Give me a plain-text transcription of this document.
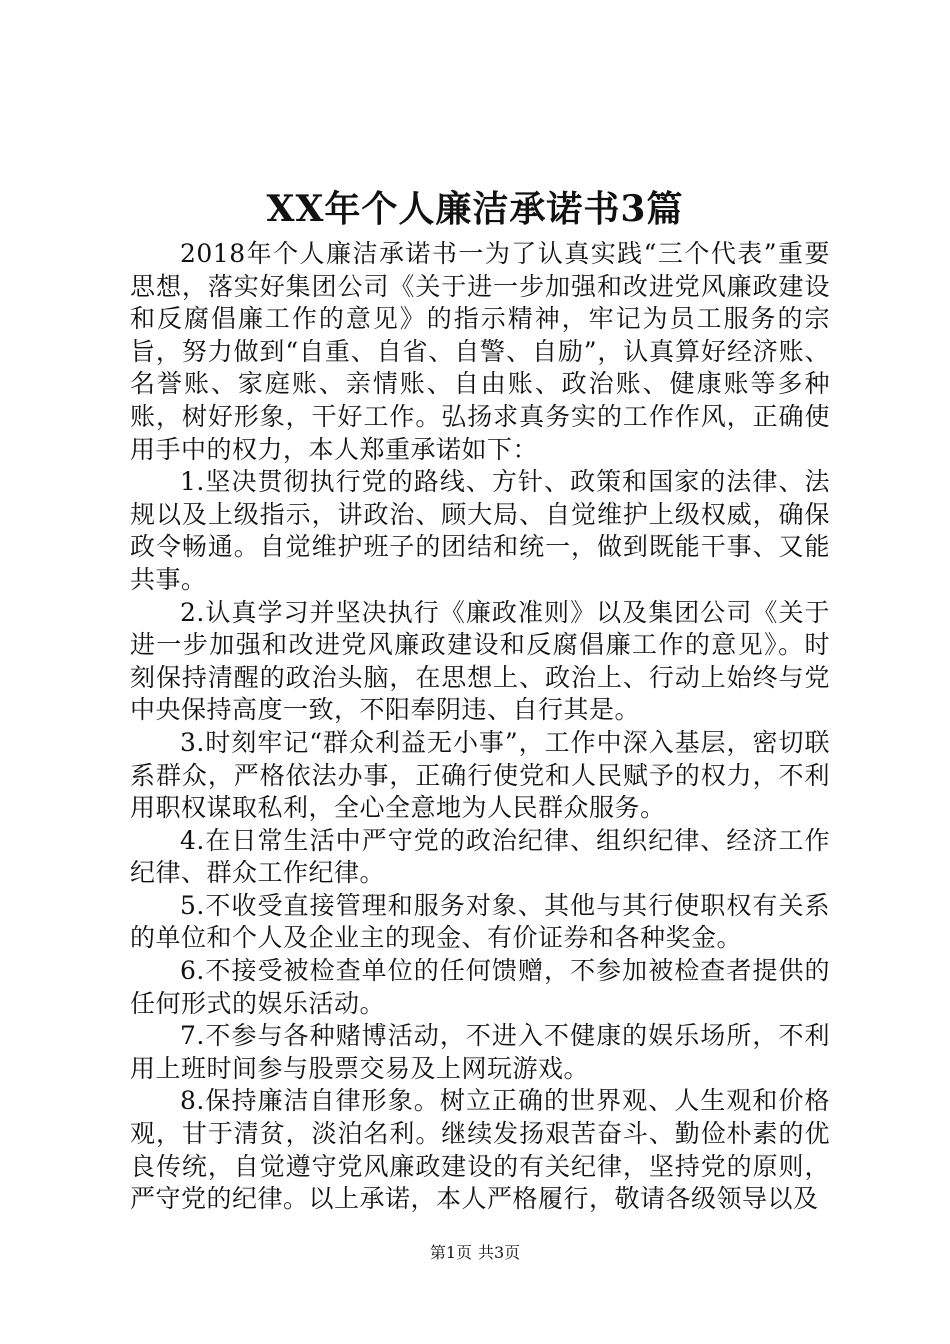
XX年个人廉洁承诺书3篇

2018年个人廉洁承诺书一为了认真实践“三个代表”重要思想，落实好集团公司《关于进一步加强和改进党风廉政建设和反腐倡廉工作的意见》的指示精神，牢记为员工服务的宗旨，努力做到“自重、自省、自警、自励”，认真算好经济账、名誉账、家庭账、亲情账、自由账、政治账、健康账等多种账，树好形象，干好工作。弘扬求真务实的工作作风，正确使用手中的权力，本人郑重承诺如下：

1.坚决贯彻执行党的路线、方针、政策和国家的法律、法规以及上级指示，讲政治、顾大局、自觉维护上级权威，确保政令畅通。自觉维护班子的团结和统一，做到既能干事、又能共事。

2.认真学习并坚决执行《廉政准则》以及集团公司《关于进一步加强和改进党风廉政建设和反腐倡廉工作的意见》。时刻保持清醒的政治头脑，在思想上、政治上、行动上始终与党中央保持高度一致，不阳奉阴违、自行其是。

3.时刻牢记“群众利益无小事”，工作中深入基层，密切联系群众，严格依法办事，正确行使党和人民赋予的权力，不利用职权谋取私利，全心全意地为人民群众服务。

4.在日常生活中严守党的政治纪律、组织纪律、经济工作纪律、群众工作纪律。

5.不收受直接管理和服务对象、其他与其行使职权有关系的单位和个人及企业主的现金、有价证券和各种奖金。

6.不接受被检查单位的任何馈赠，不参加被检查者提供的任何形式的娱乐活动。

7.不参与各种赌博活动，不进入不健康的娱乐场所，不利用上班时间参与股票交易及上网玩游戏。

8.保持廉洁自律形象。树立正确的世界观、人生观和价格观，甘于清贫，淡泊名利。继续发扬艰苦奋斗、勤俭朴素的优良传统，自觉遵守党风廉政建设的有关纪律，坚持党的原则，严守党的纪律。以上承诺，本人严格履行，敬请各级领导以及

第1页 共3页
